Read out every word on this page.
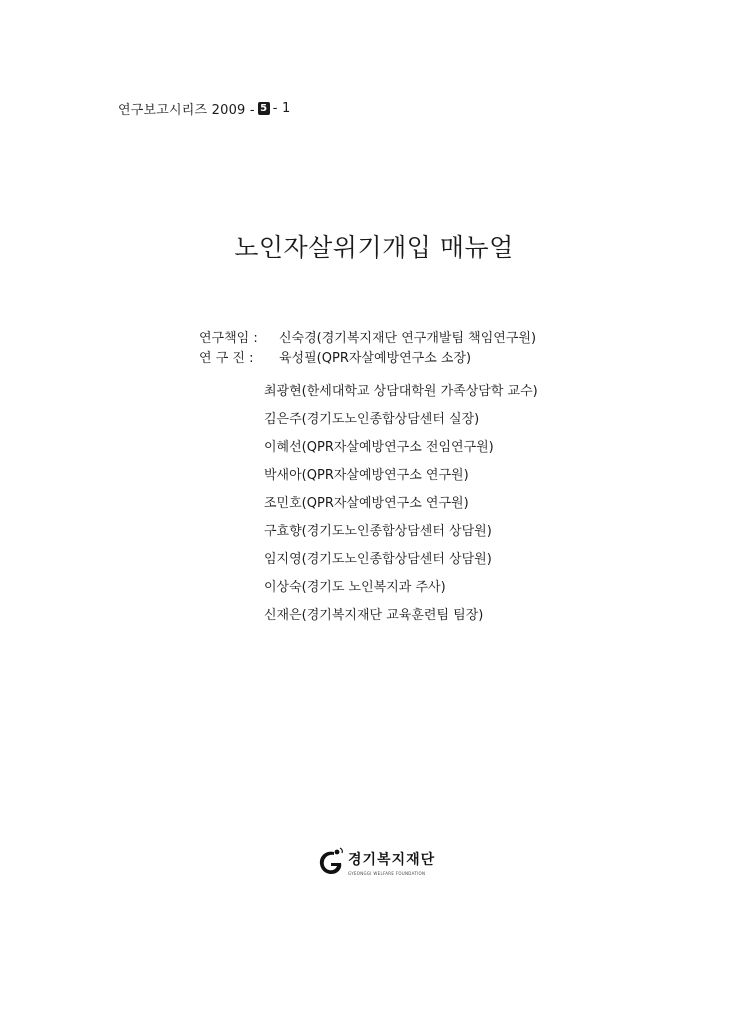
연구보고시리즈 2009 - 5 - 1
노인자살위기개입 매뉴얼
연구책임 :	신숙경(경기복지재단 연구개발팀 책임연구원)
연 구 진 :	육성필(QPR자살예방연구소 소장)
최광현(한세대학교 상담대학원 가족상담학 교수)
김은주(경기도노인종합상담센터 실장)
이혜선(QPR자살예방연구소 전임연구원)
박새아(QPR자살예방연구소 연구원)
조민호(QPR자살예방연구소 연구원)
구효향(경기도노인종합상담센터 상담원)
임지영(경기도노인종합상담센터 상담원)
이상숙(경기도 노인복지과 주사)
신재은(경기복지재단 교육훈련팀 팀장)
경기복지재단
GYEONGGI WELFARE FOUNDATION
